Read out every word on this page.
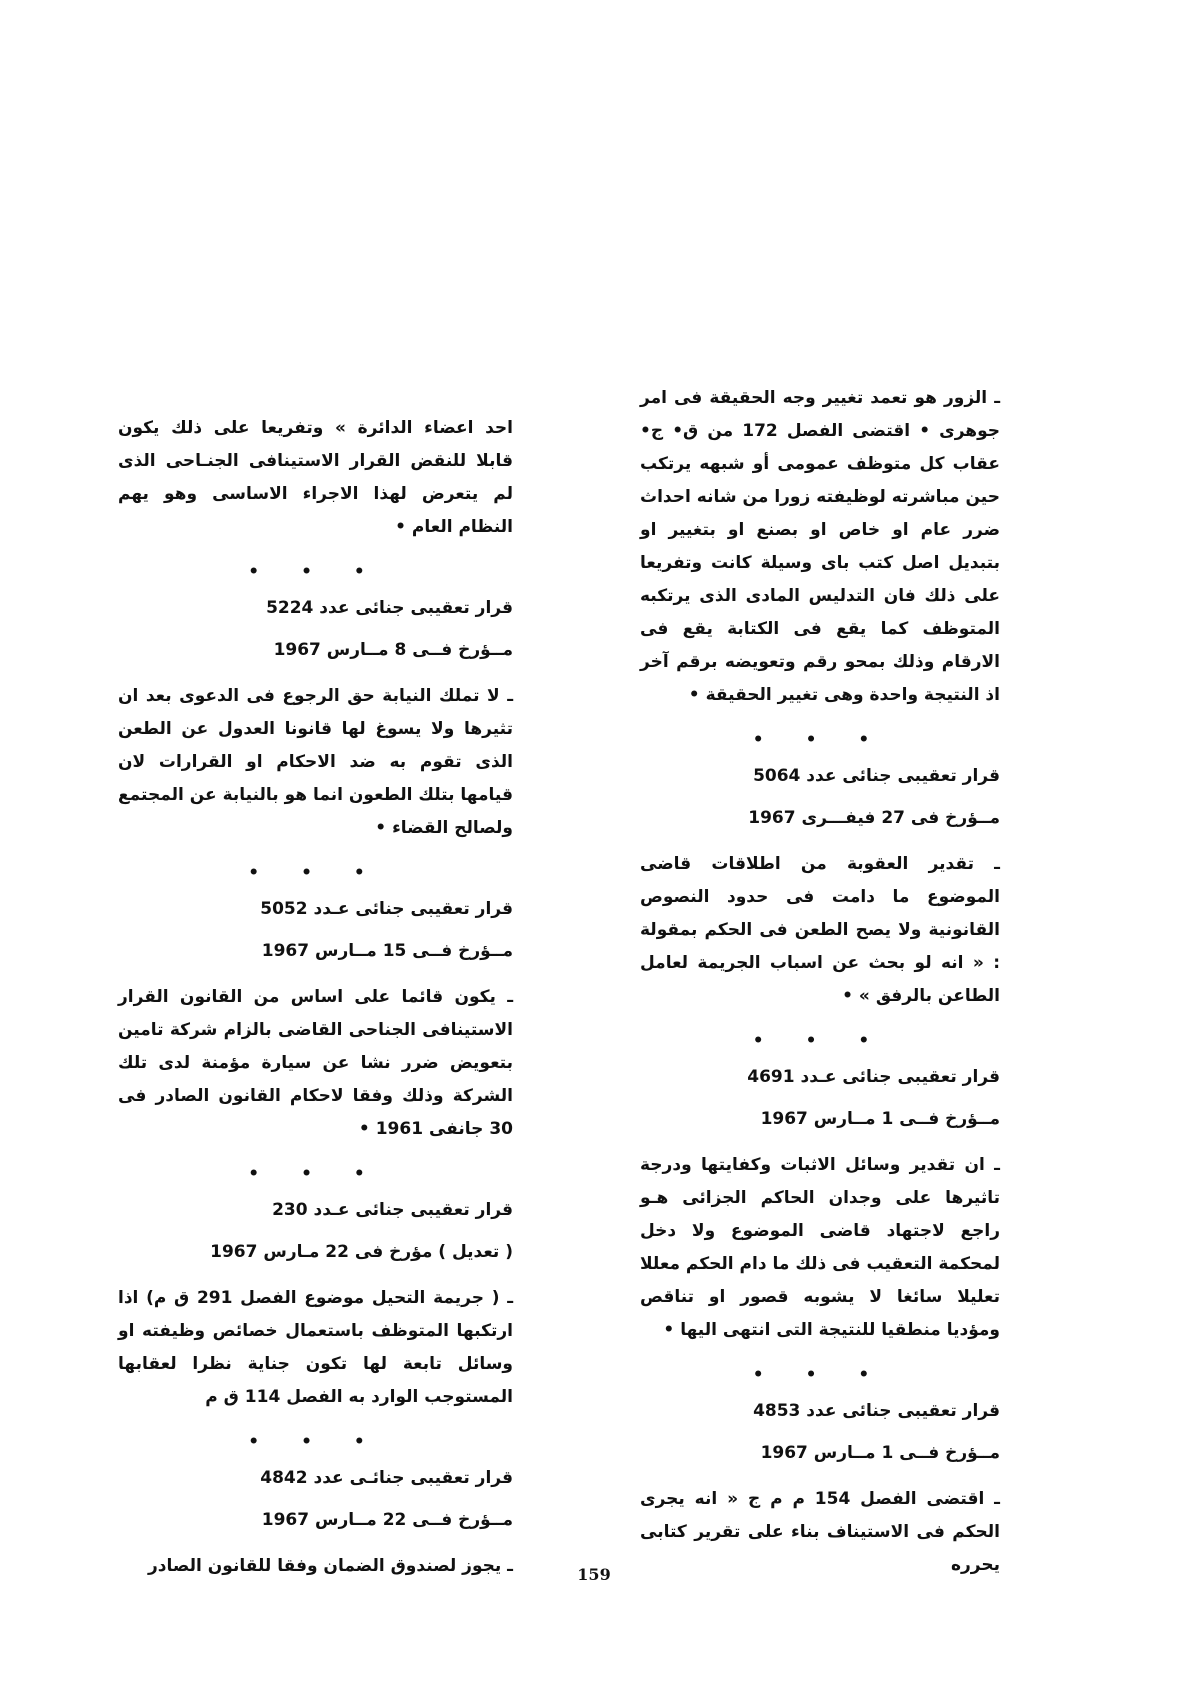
ـ الزور هو تعمد تغيير وجه الحقيقة فى امر جوهرى • اقتضى الفصل 172 من ق• ج• عقاب كل متوظف عمومى أو شبهه يرتكب حين مباشرته لوظيفته زورا من شانه احداث ضرر عام او خاص او بصنع او بتغيير او بتبديل اصل كتب باى وسيلة كانت وتفريعا على ذلك فان التدليس المادى الذى يرتكبه المتوظف كما يقع فى الكتابة يقع فى الارقام وذلك بمحو رقم وتعويضه برقم آخر اذ النتيجة واحدة وهى تغيير الحقيقة •

• • •
قرار تعقيبى جنائى عدد 5064
مــؤرخ فى 27 فيفـــرى 1967

ـ تقدير العقوبة من اطلاقات قاضى الموضوع ما دامت فى حدود النصوص القانونية ولا يصح الطعن فى الحكم بمقولة : « انه لو بحث عن اسباب الجريمة لعامل الطاعن بالرفق » •

• • •
قرار تعقيبى جنائى عـدد 4691
مــؤرخ فــى 1 مــارس 1967

ـ ان تقدير وسائل الاثبات وكفايتها ودرجة تاثيرها على وجدان الحاكم الجزائى هـو راجع لاجتهاد قاضى الموضوع ولا دخل لمحكمة التعقيب فى ذلك ما دام الحكم معللا تعليلا سائغا لا يشوبه قصور او تناقص ومؤديا منطقيا للنتيجة التى انتهى اليها •

• • •
قرار تعقيبى جنائى عدد 4853
مــؤرخ فــى 1 مــارس 1967

ـ اقتضى الفصل 154 م م ج « انه يجرى الحكم فى الاستيناف بناء على تقرير كتابى يحرره

احد اعضاء الدائرة » وتفريعا على ذلك يكون قابلا للنقض القرار الاستينافى الجنـاحى الذى لم يتعرض لهذا الاجراء الاساسى وهو يهم النظام العام •

• • •
قرار تعقيبى جنائى عدد 5224
مــؤرخ فــى 8 مــارس 1967

ـ لا تملك النيابة حق الرجوع فى الدعوى بعد ان تثيرها ولا يسوغ لها قانونا العدول عن الطعن الذى تقوم به ضد الاحكام او القرارات لان قيامها بتلك الطعون انما هو بالنيابة عن المجتمع ولصالح القضاء •

• • •
قرار تعقيبى جنائى عـدد 5052
مــؤرخ فــى 15 مــارس 1967

ـ يكون قائما على اساس من القانون القرار الاستينافى الجناحى القاضى بالزام شركة تامين بتعويض ضرر نشا عن سيارة مؤمنة لدى تلك الشركة وذلك وفقا لاحكام القانون الصادر فى 30 جانفى 1961 •

• • •
قرار تعقيبى جنائى عـدد 230
( تعديل ) مؤرخ فى 22 مـارس 1967

ـ ( جريمة التحيل موضوع الفصل 291 ق م) اذا ارتكبها المتوظف باستعمال خصائص وظيفته او وسائل تابعة لها تكون جناية نظرا لعقابها المستوجب الوارد به الفصل 114 ق م

• • •
قرار تعقيبى جنائـى عدد 4842
مــؤرخ فــى 22 مــارس 1967

ـ يجوز لصندوق الضمان وفقا للقانون الصادر	159
